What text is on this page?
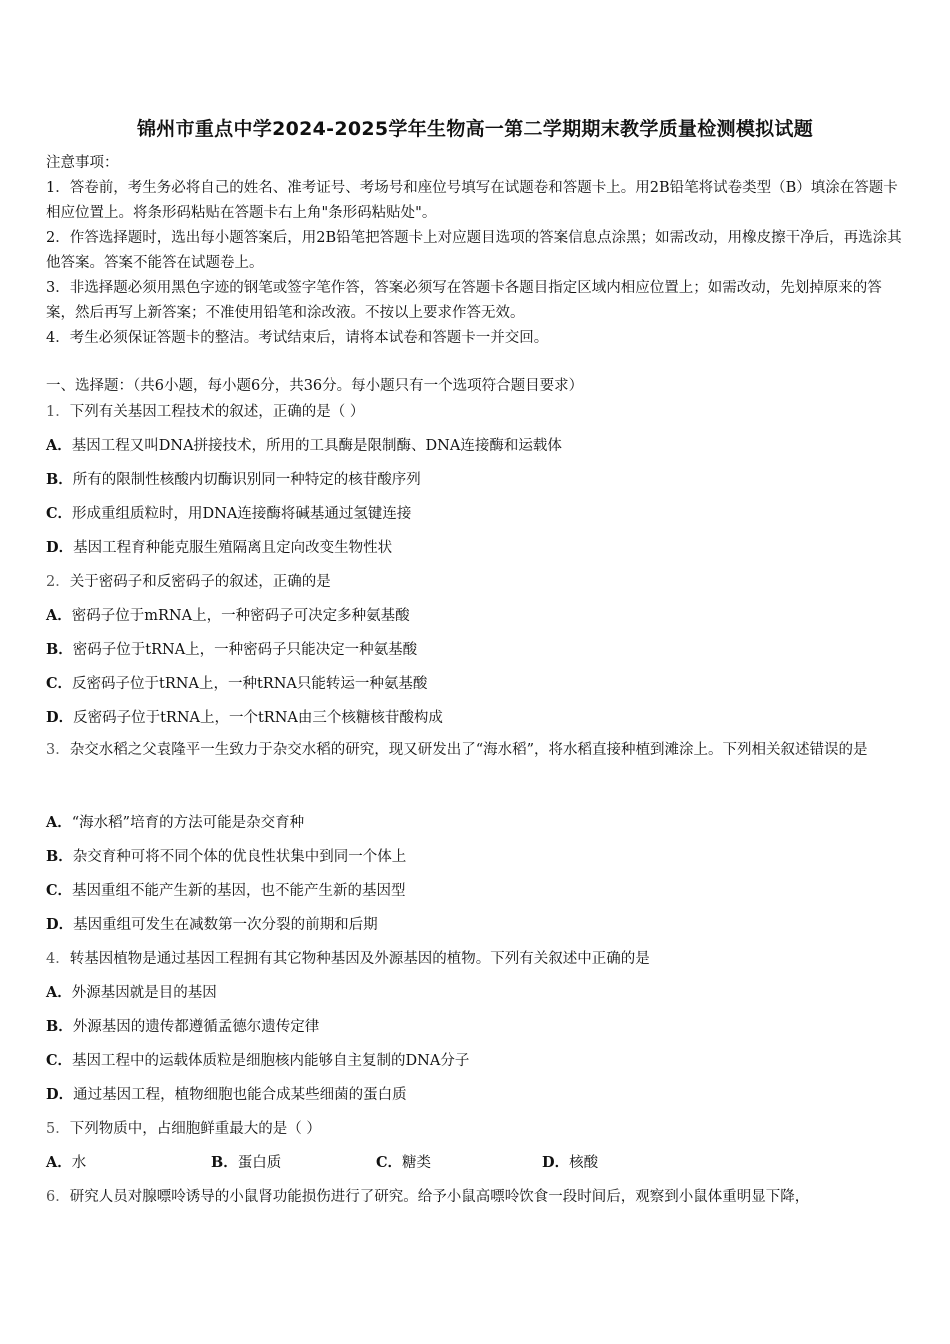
锦州市重点中学2024-2025学年生物高一第二学期期末教学质量检测模拟试题
注意事项：
1．答卷前，考生务必将自己的姓名、准考证号、考场号和座位号填写在试题卷和答题卡上。用2B铅笔将试卷类型（B）填涂在答题卡相应位置上。将条形码粘贴在答题卡右上角"条形码粘贴处"。
2．作答选择题时，选出每小题答案后，用2B铅笔把答题卡上对应题目选项的答案信息点涂黑；如需改动，用橡皮擦干净后，再选涂其他答案。答案不能答在试题卷上。
3．非选择题必须用黑色字迹的钢笔或签字笔作答，答案必须写在答题卡各题目指定区域内相应位置上；如需改动，先划掉原来的答案，然后再写上新答案；不准使用铅笔和涂改液。不按以上要求作答无效。
4．考生必须保证答题卡的整洁。考试结束后，请将本试卷和答题卡一并交回。
一、选择题：（共6小题，每小题6分，共36分。每小题只有一个选项符合题目要求）
1．下列有关基因工程技术的叙述，正确的是（ ）
A．基因工程又叫DNA拼接技术，所用的工具酶是限制酶、DNA连接酶和运载体
B．所有的限制性核酸内切酶识别同一种特定的核苷酸序列
C．形成重组质粒时，用DNA连接酶将碱基通过氢键连接
D．基因工程育种能克服生殖隔离且定向改变生物性状
2．关于密码子和反密码子的叙述，正确的是
A．密码子位于mRNA上，一种密码子可决定多种氨基酸
B．密码子位于tRNA上，一种密码子只能决定一种氨基酸
C．反密码子位于tRNA上，一种tRNA只能转运一种氨基酸
D．反密码子位于tRNA上，一个tRNA由三个核糖核苷酸构成
3．杂交水稻之父袁隆平一生致力于杂交水稻的研究，现又研发出了“海水稻”，将水稻直接种植到滩涂上。下列相关叙述错误的是
A．“海水稻”培育的方法可能是杂交育种
B．杂交育种可将不同个体的优良性状集中到同一个体上
C．基因重组不能产生新的基因，也不能产生新的基因型
D．基因重组可发生在减数第一次分裂的前期和后期
4．转基因植物是通过基因工程拥有其它物种基因及外源基因的植物。下列有关叙述中正确的是
A．外源基因就是目的基因
B．外源基因的遗传都遵循孟德尔遗传定律
C．基因工程中的运载体质粒是细胞核内能够自主复制的DNA分子
D．通过基因工程，植物细胞也能合成某些细菌的蛋白质
5．下列物质中，占细胞鲜重最大的是（ ）
A．水	B．蛋白质	C．糖类	D．核酸
6．研究人员对腺嘌呤诱导的小鼠肾功能损伤进行了研究。给予小鼠高嘌呤饮食一段时间后，观察到小鼠体重明显下降，
